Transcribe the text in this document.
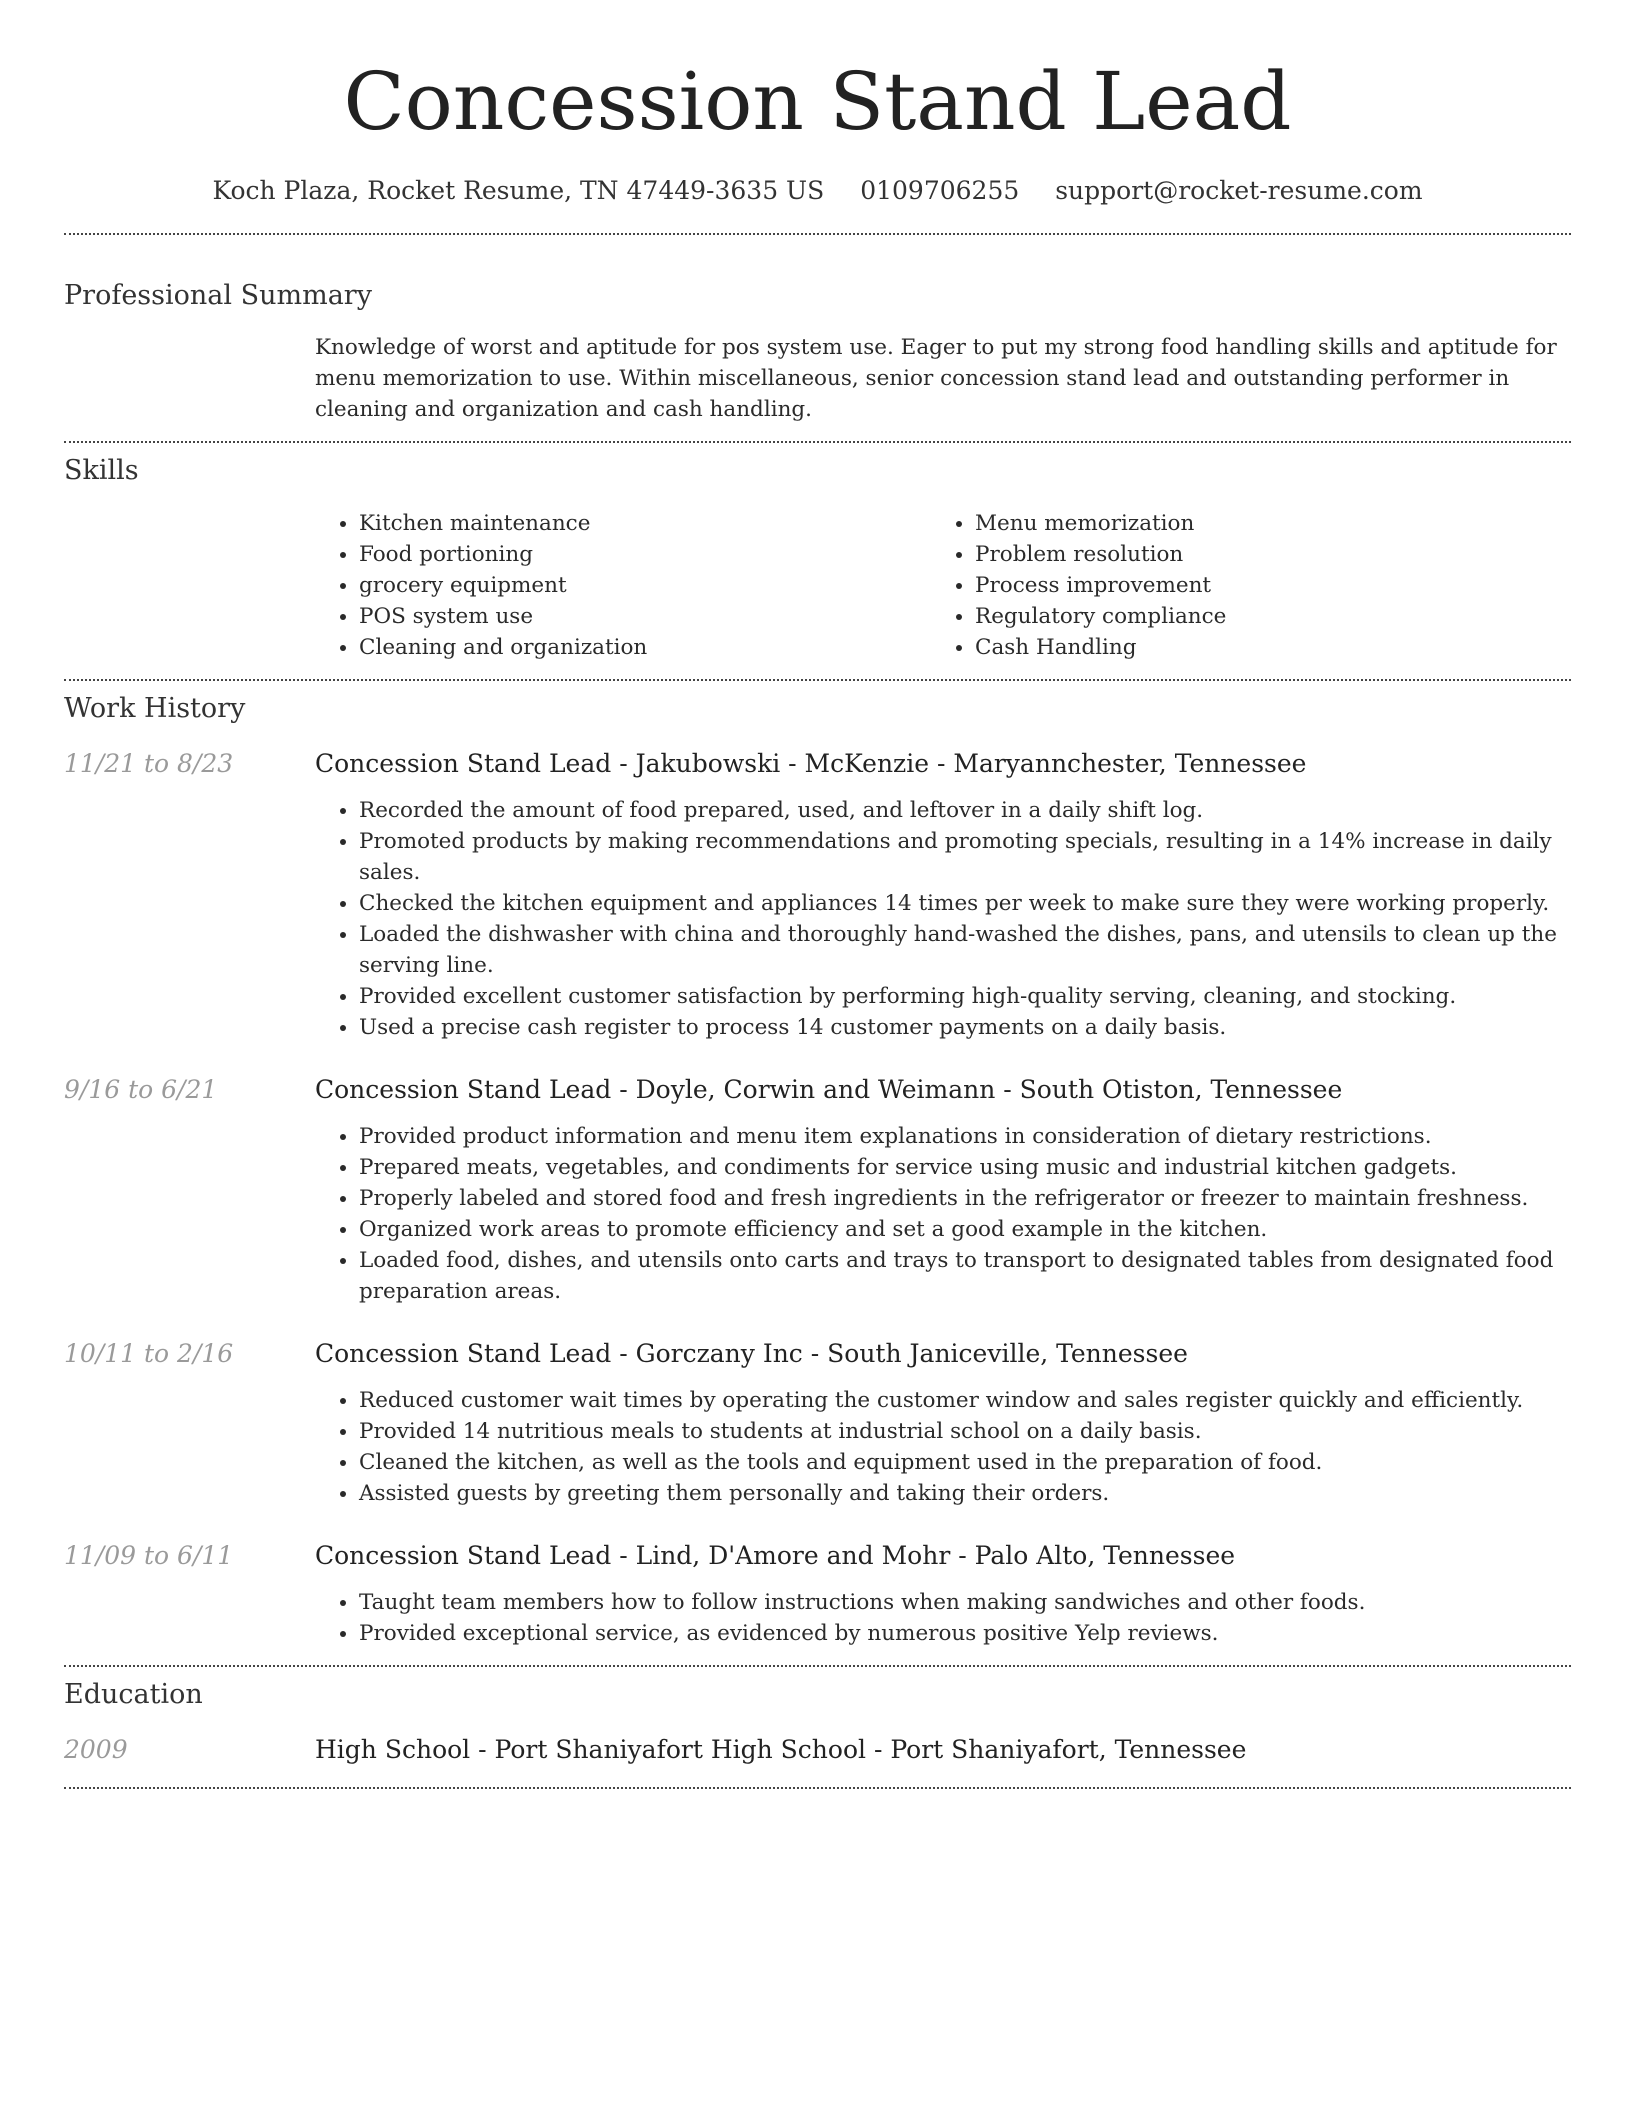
Concession Stand Lead
Koch Plaza, Rocket Resume, TN 47449-3635 US 0109706255 support@rocket-resume.com
Professional Summary

Knowledge of worst and aptitude for pos system use. Eager to put my strong food handling skills and aptitude for menu memorization to use. Within miscellaneous, senior concession stand lead and outstanding performer in cleaning and organization and cash handling.

Skills
• Kitchen maintenance
• Food portioning
• grocery equipment
• POS system use
• Cleaning and organization
• Menu memorization
• Problem resolution
• Process improvement
• Regulatory compliance
• Cash Handling
Work History
11/21 to 8/23	Concession Stand Lead - Jakubowski - McKenzie - Maryannchester, Tennessee
• Recorded the amount of food prepared, used, and leftover in a daily shift log.
• Promoted products by making recommendations and promoting specials, resulting in a 14% increase in daily sales.
• Checked the kitchen equipment and appliances 14 times per week to make sure they were working properly.
• Loaded the dishwasher with china and thoroughly hand-washed the dishes, pans, and utensils to clean up the serving line.
• Provided excellent customer satisfaction by performing high-quality serving, cleaning, and stocking.
• Used a precise cash register to process 14 customer payments on a daily basis.
9/16 to 6/21	Concession Stand Lead - Doyle, Corwin and Weimann - South Otiston, Tennessee
• Provided product information and menu item explanations in consideration of dietary restrictions.
• Prepared meats, vegetables, and condiments for service using music and industrial kitchen gadgets.
• Properly labeled and stored food and fresh ingredients in the refrigerator or freezer to maintain freshness.
• Organized work areas to promote efficiency and set a good example in the kitchen.
• Loaded food, dishes, and utensils onto carts and trays to transport to designated tables from designated food preparation areas.
10/11 to 2/16	Concession Stand Lead - Gorczany Inc - South Janiceville, Tennessee
• Reduced customer wait times by operating the customer window and sales register quickly and efficiently.
• Provided 14 nutritious meals to students at industrial school on a daily basis.
• Cleaned the kitchen, as well as the tools and equipment used in the preparation of food.
• Assisted guests by greeting them personally and taking their orders.
11/09 to 6/11	Concession Stand Lead - Lind, D'Amore and Mohr - Palo Alto, Tennessee
• Taught team members how to follow instructions when making sandwiches and other foods.
• Provided exceptional service, as evidenced by numerous positive Yelp reviews.
Education
2009	High School - Port Shaniyafort High School - Port Shaniyafort, Tennessee
